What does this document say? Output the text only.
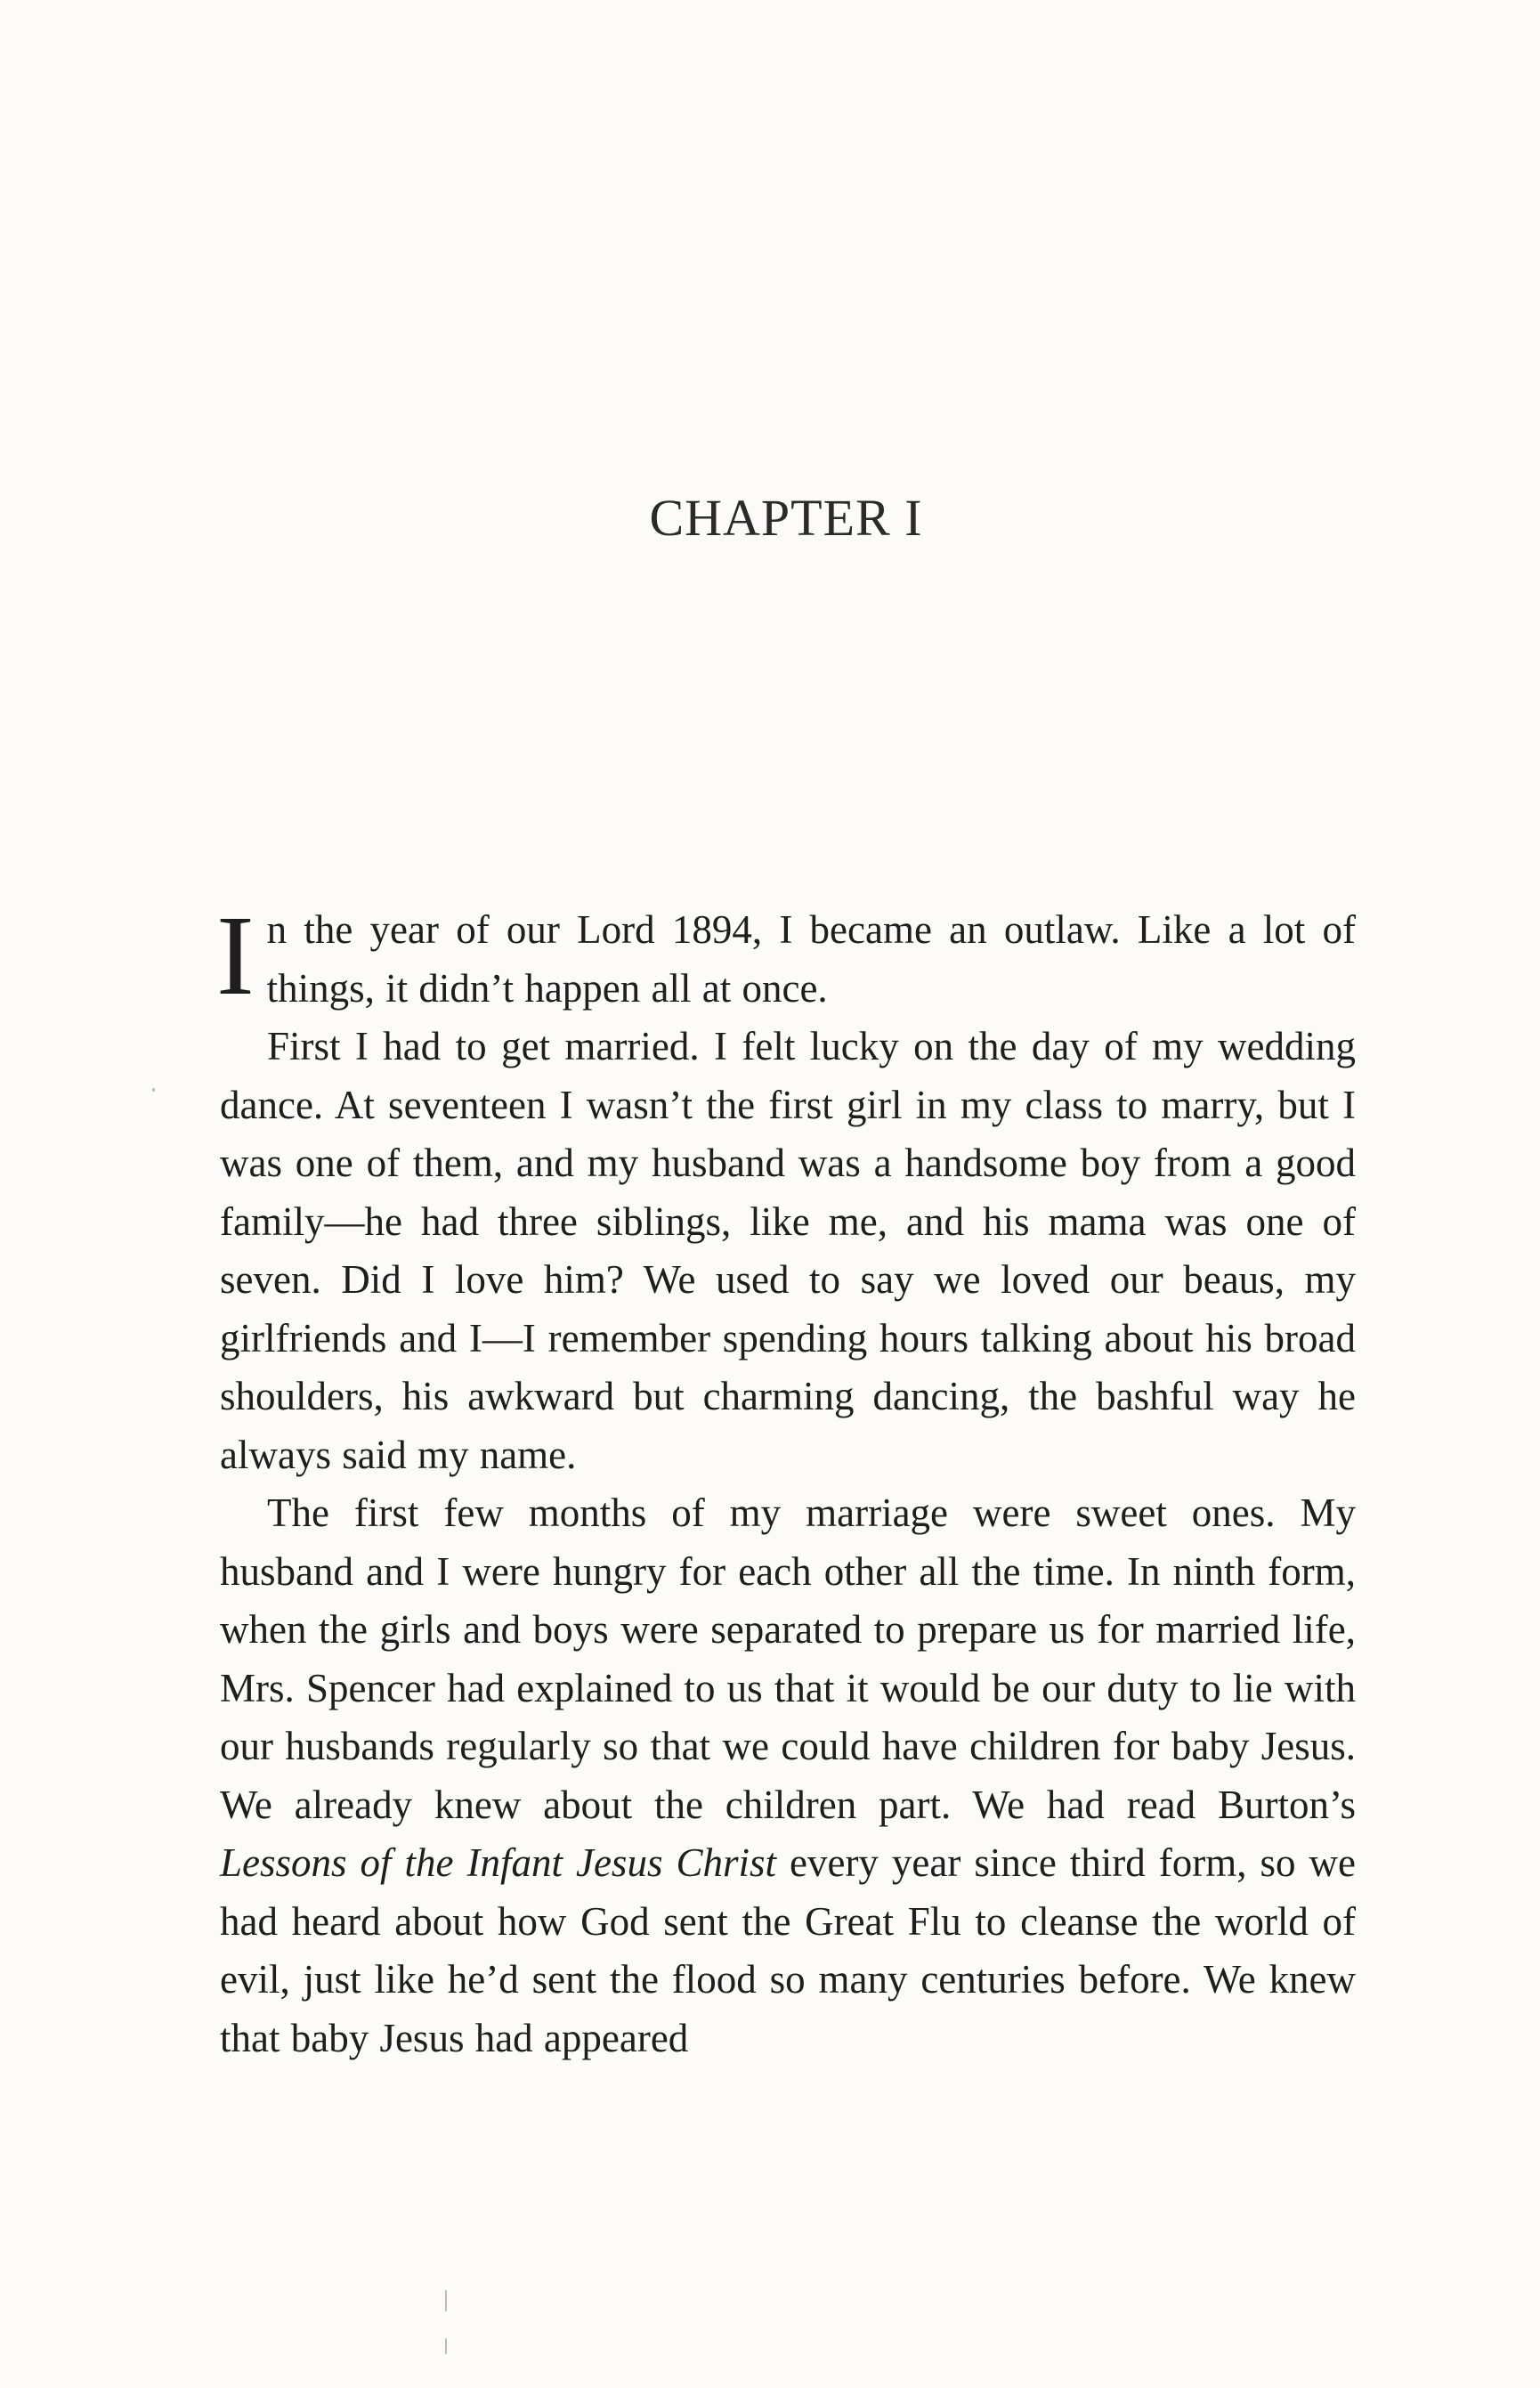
CHAPTER I

In the year of our Lord 1894, I became an outlaw. Like a lot of things, it didn’t happen all at once.

First I had to get married. I felt lucky on the day of my wedding dance. At seventeen I wasn’t the first girl in my class to marry, but I was one of them, and my husband was a handsome boy from a good family—he had three siblings, like me, and his mama was one of seven. Did I love him? We used to say we loved our beaus, my girlfriends and I—I remember spending hours talking about his broad shoulders, his awkward but charming dancing, the bashful way he always said my name.

The first few months of my marriage were sweet ones. My husband and I were hungry for each other all the time. In ninth form, when the girls and boys were separated to prepare us for married life, Mrs. Spencer had explained to us that it would be our duty to lie with our husbands regularly so that we could have children for baby Jesus. We already knew about the children part. We had read Burton’s Lessons of the Infant Jesus Christ every year since third form, so we had heard about how God sent the Great Flu to cleanse the world of evil, just like he’d sent the flood so many centuries before. We knew that baby Jesus had appeared
